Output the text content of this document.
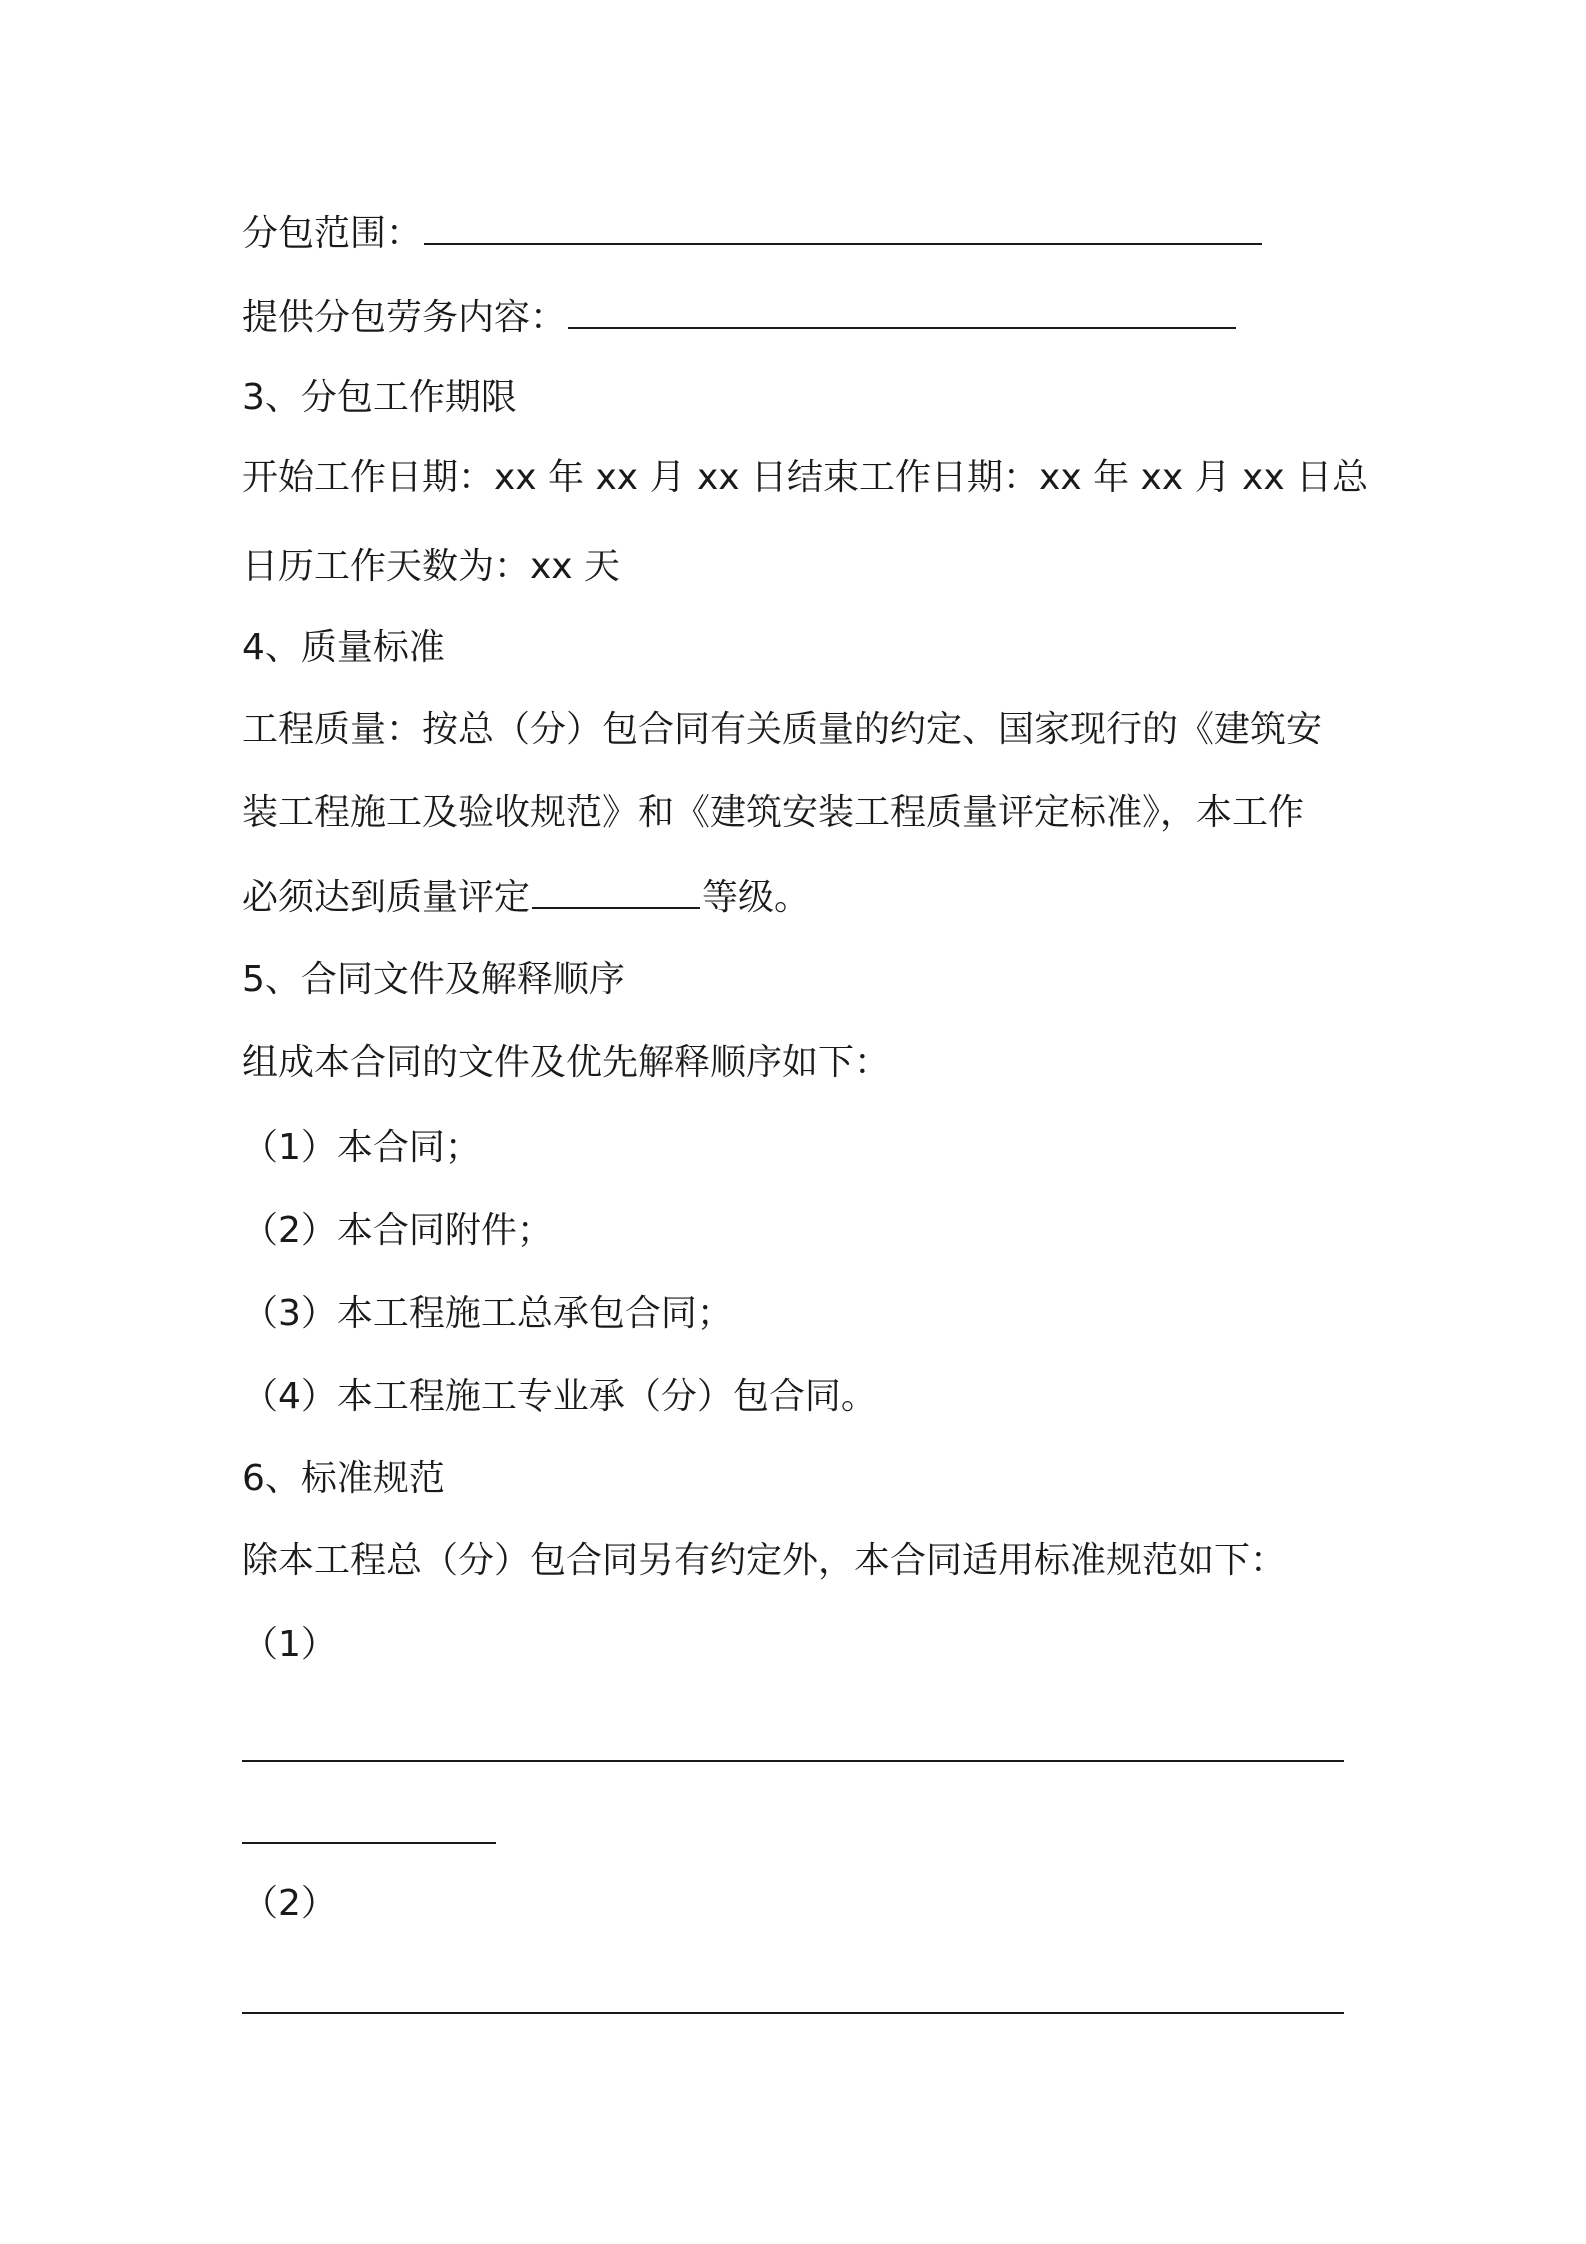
分包范围：
提供分包劳务内容：
3、分包工作期限
开始工作日期：xx 年 xx 月 xx 日结束工作日期：xx 年 xx 月 xx 日总
日历工作天数为：xx 天
4、质量标准
工程质量：按总（分）包合同有关质量的约定、国家现行的《建筑安
装工程施工及验收规范》和《建筑安装工程质量评定标准》，本工作
必须达到质量评定	等级。
5、合同文件及解释顺序
组成本合同的文件及优先解释顺序如下：
（1）本合同；
（2）本合同附件；
（3）本工程施工总承包合同；
（4）本工程施工专业承（分）包合同。
6、标准规范
除本工程总（分）包合同另有约定外，本合同适用标准规范如下：
（1）
（2）
